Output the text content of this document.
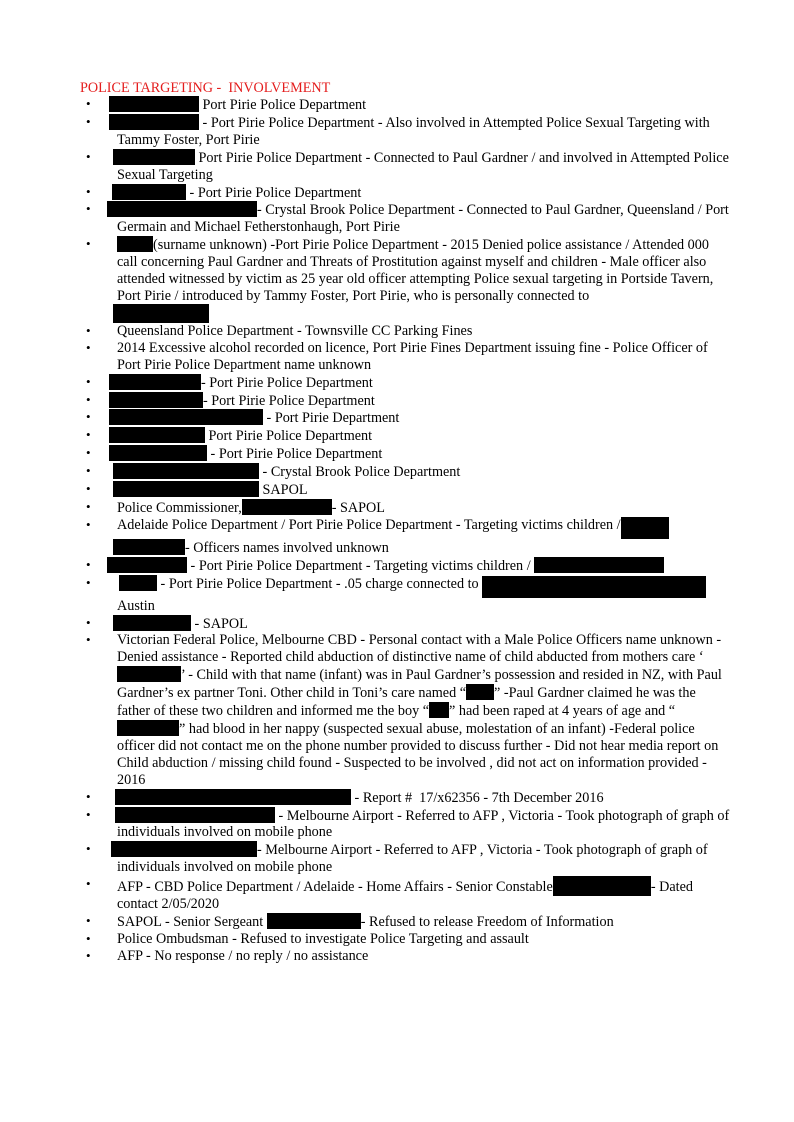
POLICE TARGETING -  INVOLVEMENT
•  Port Pirie Police Department
•  - Port Pirie Police Department - Also involved in Attempted Police Sexual Targeting with Tammy Foster, Port Pirie
•  Port Pirie Police Department - Connected to Paul Gardner / and involved in Attempted Police Sexual Targeting
•  - Port Pirie Police Department
• - Crystal Brook Police Department - Connected to Paul Gardner, Queensland / Port Germain and Michael Fetherstonhaugh, Port Pirie
• (surname unknown) -Port Pirie Police Department - 2015 Denied police assistance / Attended 000 call concerning Paul Gardner and Threats of Prostitution against myself and children - Male officer also attended witnessed by victim as 25 year old officer attempting Police sexual targeting in Portside Tavern, Port Pirie / introduced by Tammy Foster, Port Pirie, who is personally connected to
• Queensland Police Department - Townsville CC Parking Fines
• 2014 Excessive alcohol recorded on licence, Port Pirie Fines Department issuing fine - Police Officer of Port Pirie Police Department name unknown
• - Port Pirie Police Department
• - Port Pirie Police Department
•  - Port Pirie Department
•  Port Pirie Police Department
•  - Port Pirie Police Department
•  - Crystal Brook Police Department
•  SAPOL
• Police Commissioner,	- SAPOL
• Adelaide Police Department / Port Pirie Police Department - Targeting victims children /
- Officers names involved unknown
•  - Port Pirie Police Department - Targeting victims children /
•  - Port Pirie Police Department - .05 charge connected to
Austin
•  - SAPOL
• Victorian Federal Police, Melbourne CBD - Personal contact with a Male Police Officers name unknown - Denied assistance - Reported child abduction of distinctive name of child abducted from mothers care ‘’ - Child with that name (infant) was in Paul Gardner’s possession and resided in NZ, with Paul Gardner’s ex partner Toni. Other child in Toni’s care named “ ” -Paul Gardner claimed he was the father of these two children and informed me the boy “ ” had been raped at 4 years of age and “” had blood in her nappy (suspected sexual abuse, molestation of an infant) -Federal police officer did not contact me on the phone number provided to discuss further - Did not hear media report on Child abduction / missing child found - Suspected to be involved , did not act on information provided - 2016
•  - Report #  17/x62356 - 7th December 2016
•  - Melbourne Airport - Referred to AFP , Victoria - Took photograph of graph of individuals involved on mobile phone
• - Melbourne Airport - Referred to AFP , Victoria - Took photograph of graph of individuals involved on mobile phone
• AFP - CBD Police Department / Adelaide - Home Affairs - Senior Constable	- Dated contact 2/05/2020
• SAPOL - Senior Sergeant	- Refused to release Freedom of Information
• Police Ombudsman - Refused to investigate Police Targeting and assault
• AFP - No response / no reply / no assistance
